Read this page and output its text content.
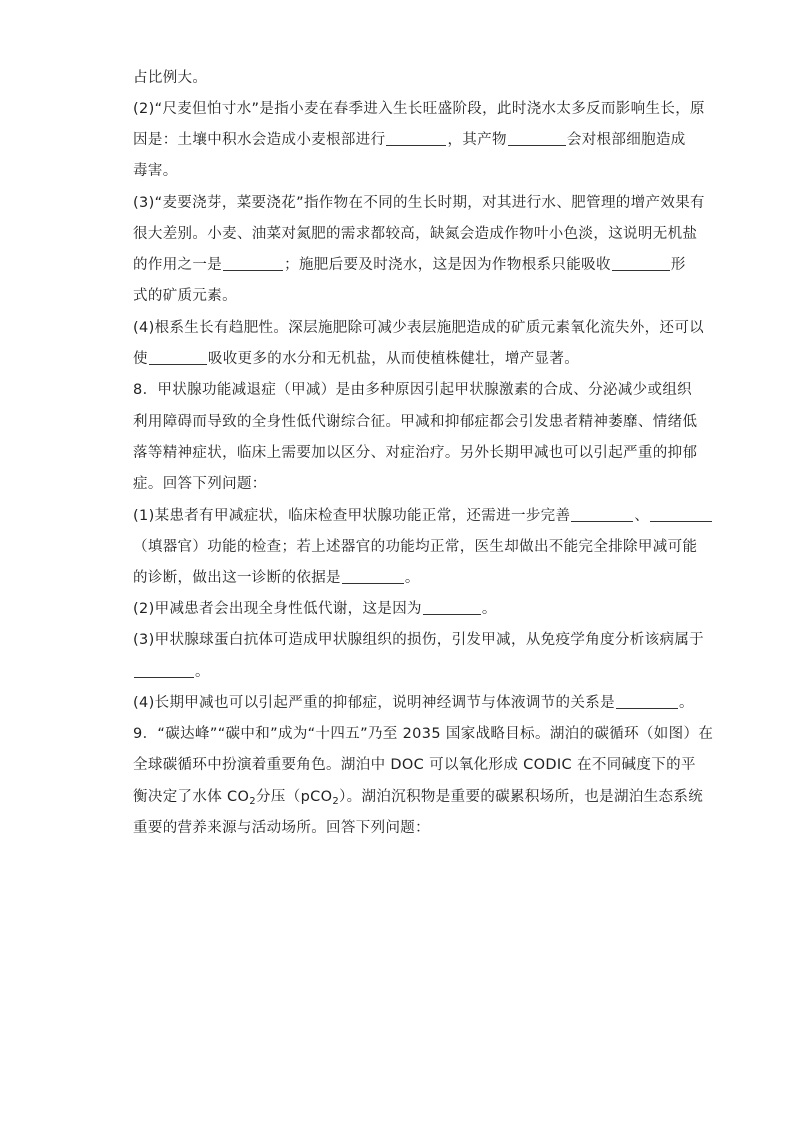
占比例大。
(2)“尺麦但怕寸水”是指小麦在春季进入生长旺盛阶段，此时浇水太多反而影响生长，原
因是：土壤中积水会造成小麦根部进行	，其产物	会对根部细胞造成
毒害。
(3)“麦要浇芽，菜要浇花”指作物在不同的生长时期，对其进行水、肥管理的增产效果有
很大差别。小麦、油菜对氮肥的需求都较高，缺氮会造成作物叶小色淡，这说明无机盐
的作用之一是	；施肥后要及时浇水，这是因为作物根系只能吸收	形
式的矿质元素。
(4)根系生长有趋肥性。深层施肥除可减少表层施肥造成的矿质元素氧化流失外，还可以
使	吸收更多的水分和无机盐，从而使植株健壮，增产显著。
8．甲状腺功能减退症（甲减）是由多种原因引起甲状腺激素的合成、分泌减少或组织
利用障碍而导致的全身性低代谢综合征。甲减和抑郁症都会引发患者精神萎靡、情绪低
落等精神症状，临床上需要加以区分、对症治疗。另外长期甲减也可以引起严重的抑郁
症。回答下列问题：
(1)某患者有甲减症状，临床检查甲状腺功能正常，还需进一步完善	、
（填器官）功能的检查；若上述器官的功能均正常，医生却做出不能完全排除甲减可能
的诊断，做出这一诊断的依据是	。
(2)甲减患者会出现全身性低代谢，这是因为	。
(3)甲状腺球蛋白抗体可造成甲状腺组织的损伤，引发甲减，从免疫学角度分析该病属于
。
(4)长期甲减也可以引起严重的抑郁症，说明神经调节与体液调节的关系是	。
9．“碳达峰”“碳中和”成为“十四五”乃至 2035 国家战略目标。湖泊的碳循环（如图）在
全球碳循环中扮演着重要角色。湖泊中 DOC 可以氧化形成 CODIC 在不同碱度下的平
衡决定了水体 $CO_2$分压（pCO$_2$）。湖泊沉积物是重要的碳累积场所，也是湖泊生态系统
重要的营养来源与活动场所。回答下列问题：
